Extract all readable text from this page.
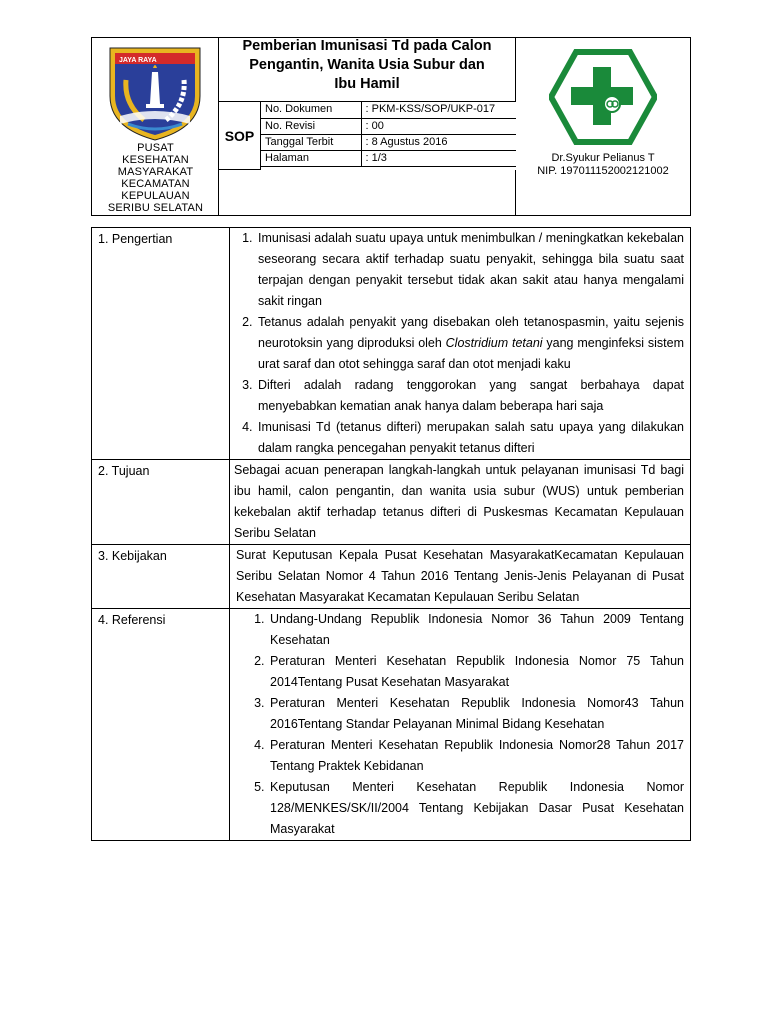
JAYA RAYA
PUSAT
KESEHATAN
MASYARAKAT
KECAMATAN
KEPULAUAN
SERIBU SELATAN
Pemberian Imunisasi Td pada Calon
Pengantin, Wanita Usia Subur dan
Ibu Hamil
SOP
No. Dokumen	: PKM-KSS/SOP/UKP-017
No. Revisi	: 00
Tanggal Terbit	: 8 Agustus 2016
Halaman	: 1/3	Dr.Syukur Pelianus T
NIP. 197011152002121002
1. Pengertian	1. Imunisasi adalah suatu upaya untuk menimbulkan / meningkatkan kekebalan seseorang secara aktif terhadap suatu penyakit, sehingga bila suatu saat terpajan dengan penyakit tersebut tidak akan sakit atau hanya mengalami sakit ringan
2. Tetanus adalah penyakit yang disebakan oleh tetanospasmin, yaitu sejenis neurotoksin yang diproduksi oleh Clostridium tetani yang menginfeksi sistem urat saraf dan otot sehingga saraf dan otot menjadi kaku
3. Difteri adalah radang tenggorokan yang sangat berbahaya dapat menyebabkan kematian anak hanya dalam beberapa hari saja
4. Imunisasi Td (tetanus difteri) merupakan salah satu upaya yang dilakukan dalam rangka pencegahan penyakit tetanus difteri
2. Tujuan	Sebagai acuan penerapan langkah-langkah untuk pelayanan imunisasi Td bagi ibu hamil, calon pengantin, dan wanita usia subur (WUS) untuk pemberian kekebalan aktif terhadap tetanus difteri di Puskesmas Kecamatan Kepulauan Seribu Selatan

3. Kebijakan	Surat Keputusan Kepala Pusat Kesehatan MasyarakatKecamatan Kepulauan Seribu Selatan Nomor 4 Tahun 2016 Tentang Jenis-Jenis Pelayanan di Pusat Kesehatan Masyarakat Kecamatan Kepulauan Seribu Selatan

4. Referensi	1. Undang-Undang Republik Indonesia Nomor 36 Tahun 2009 Tentang Kesehatan
2. Peraturan Menteri Kesehatan Republik Indonesia Nomor 75 Tahun 2014Tentang Pusat Kesehatan Masyarakat
3. Peraturan Menteri Kesehatan Republik Indonesia Nomor43 Tahun 2016Tentang Standar Pelayanan Minimal Bidang Kesehatan
4. Peraturan Menteri Kesehatan Republik Indonesia Nomor28 Tahun 2017 Tentang Praktek Kebidanan
5. Keputusan Menteri Kesehatan Republik Indonesia Nomor 128/MENKES/SK/II/2004 Tentang Kebijakan Dasar Pusat Kesehatan Masyarakat
